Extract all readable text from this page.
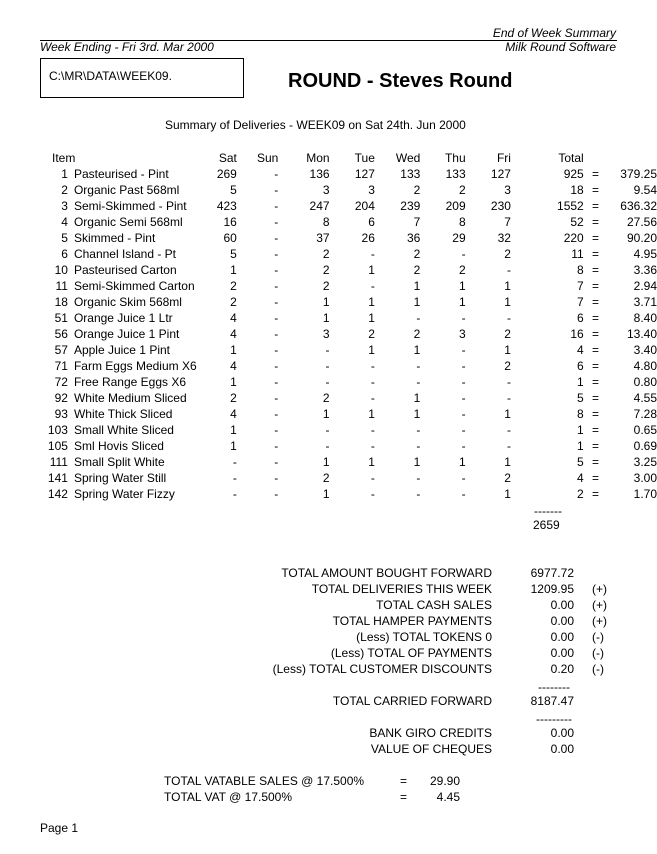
End of Week Summary
Week Ending - Fri 3rd. Mar 2000	Milk Round Software
C:\MR\DATA\WEEK09.	ROUND - Steves Round
Summary of Deliveries - WEEK09 on Sat 24th. Jun 2000
Item		Sat	Sun	Mon	Tue	Wed	Thu	Fri	Total		
1	Pasteurised - Pint	269	-	136	127	133	133	127	925	=	379.25
2	Organic Past 568ml	5	-	3	3	2	2	3	18	=	9.54
3	Semi-Skimmed - Pint	423	-	247	204	239	209	230	1552	=	636.32
4	Organic Semi 568ml	16	-	8	6	7	8	7	52	=	27.56
5	Skimmed - Pint	60	-	37	26	36	29	32	220	=	90.20
6	Channel Island - Pt	5	-	2	-	2	-	2	11	=	4.95
10	Pasteurised Carton	1	-	2	1	2	2	-	8	=	3.36
11	Semi-Skimmed Carton	2	-	2	-	1	1	1	7	=	2.94
18	Organic Skim 568ml	2	-	1	1	1	1	1	7	=	3.71
51	Orange Juice 1 Ltr	4	-	1	1	-	-	-	6	=	8.40
56	Orange Juice 1 Pint	4	-	3	2	2	3	2	16	=	13.40
57	Apple Juice 1 Pint	1	-	-	1	1	-	1	4	=	3.40
71	Farm Eggs Medium X6	4	-	-	-	-	-	2	6	=	4.80
72	Free Range Eggs X6	1	-	-	-	-	-	-	1	=	0.80
92	White Medium Sliced	2	-	2	-	1	-	-	5	=	4.55
93	White Thick Sliced	4	-	1	1	1	-	1	8	=	7.28
103	Small White Sliced	1	-	-	-	-	-	-	1	=	0.65
105	Sml Hovis Sliced	1	-	-	-	-	-	-	1	=	0.69
111	Small Split White	-	-	1	1	1	1	1	5	=	3.25
141	Spring Water Still	-	-	2	-	-	-	2	4	=	3.00
142	Spring Water Fizzy	-	-	1	-	-	-	1	2	=	1.70
-------
2659
TOTAL AMOUNT BOUGHT FORWARD	6977.72
TOTAL DELIVERIES THIS WEEK	1209.95 (+)
TOTAL CASH SALES	0.00 (+)
TOTAL HAMPER PAYMENTS	0.00 (+)
(Less) TOTAL TOKENS 0	0.00 (-)
(Less) TOTAL OF PAYMENTS	0.00 (-)
(Less) TOTAL CUSTOMER DISCOUNTS	0.20 (-)
--------
TOTAL CARRIED FORWARD	8187.47
---------
BANK GIRO CREDITS	0.00
VALUE OF CHEQUES	0.00
TOTAL VATABLE SALES @ 17.500%	=	29.90
TOTAL VAT @ 17.500%	=	4.45
Page 1
